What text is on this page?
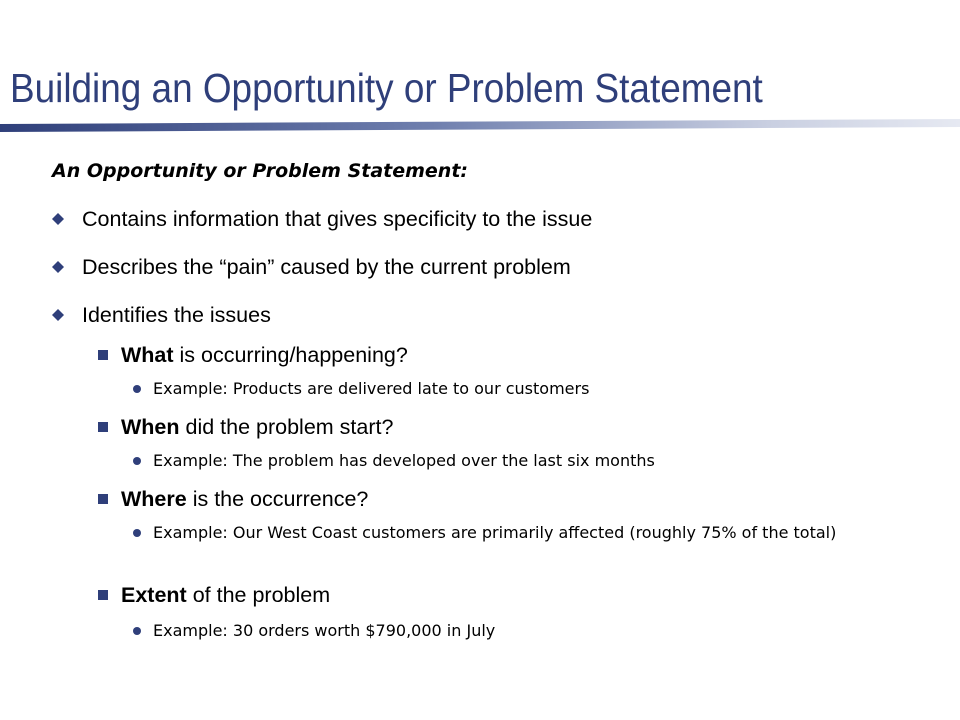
Building an Opportunity or Problem Statement
An Opportunity or Problem Statement:
Contains information that gives specificity to the issue
Describes the “pain” caused by the current problem
Identifies the issues
What is occurring/happening?
Example: Products are delivered late to our customers
When did the problem start?
Example: The problem has developed over the last six months
Where is the occurrence?
Example: Our West Coast customers are primarily affected (roughly 75% of the total)
Extent of the problem
Example: 30 orders worth $790,000 in July
